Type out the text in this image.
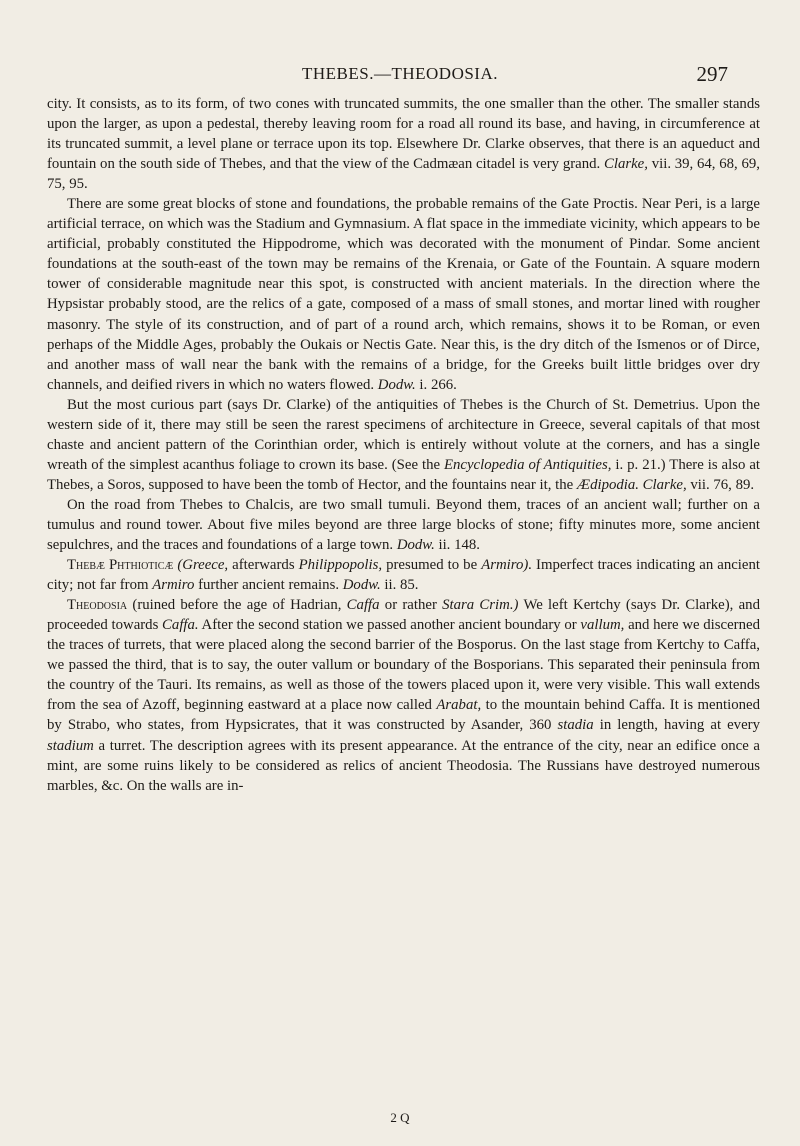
THEBES.—THEODOSIA.	297

city. It consists, as to its form, of two cones with truncated summits, the one smaller than the other. The smaller stands upon the larger, as upon a pedestal, thereby leaving room for a road all round its base, and having, in circumference at its truncated summit, a level plane or terrace upon its top. Elsewhere Dr. Clarke observes, that there is an aqueduct and fountain on the south side of Thebes, and that the view of the Cadmæan citadel is very grand. Clarke, vii. 39, 64, 68, 69, 75, 95.

There are some great blocks of stone and foundations, the probable remains of the Gate Proctis. Near Peri, is a large artificial terrace, on which was the Stadium and Gymnasium. A flat space in the immediate vicinity, which appears to be artificial, probably constituted the Hippodrome, which was decorated with the monument of Pindar. Some ancient foundations at the south-east of the town may be remains of the Krenaia, or Gate of the Fountain. A square modern tower of considerable magnitude near this spot, is constructed with ancient materials. In the direction where the Hypsistar probably stood, are the relics of a gate, composed of a mass of small stones, and mortar lined with rougher masonry. The style of its construction, and of part of a round arch, which remains, shows it to be Roman, or even perhaps of the Middle Ages, probably the Oukais or Nectis Gate. Near this, is the dry ditch of the Ismenos or of Dirce, and another mass of wall near the bank with the remains of a bridge, for the Greeks built little bridges over dry channels, and deified rivers in which no waters flowed. Dodw. i. 266.

But the most curious part (says Dr. Clarke) of the antiquities of Thebes is the Church of St. Demetrius. Upon the western side of it, there may still be seen the rarest specimens of architecture in Greece, several capitals of that most chaste and ancient pattern of the Corinthian order, which is entirely without volute at the corners, and has a single wreath of the simplest acanthus foliage to crown its base. (See the Encyclopedia of Antiquities, i. p. 21.) There is also at Thebes, a Soros, supposed to have been the tomb of Hector, and the fountains near it, the Ædipodia. Clarke, vii. 76, 89.

On the road from Thebes to Chalcis, are two small tumuli. Beyond them, traces of an ancient wall; further on a tumulus and round tower. About five miles beyond are three large blocks of stone; fifty minutes more, some ancient sepulchres, and the traces and foundations of a large town. Dodw. ii. 148.

Thebæ Phthioticæ (Greece, afterwards Philippopolis, presumed to be Armiro). Imperfect traces indicating an ancient city; not far from Armiro further ancient remains. Dodw. ii. 85.

Theodosia (ruined before the age of Hadrian, Caffa or rather Stara Crim.) We left Kertchy (says Dr. Clarke), and proceeded towards Caffa. After the second station we passed another ancient boundary or vallum, and here we discerned the traces of turrets, that were placed along the second barrier of the Bosporus. On the last stage from Kertchy to Caffa, we passed the third, that is to say, the outer vallum or boundary of the Bosporians. This separated their peninsula from the country of the Tauri. Its remains, as well as those of the towers placed upon it, were very visible. This wall extends from the sea of Azoff, beginning eastward at a place now called Arabat, to the mountain behind Caffa. It is mentioned by Strabo, who states, from Hypsicrates, that it was constructed by Asander, 360 stadia in length, having at every stadium a turret. The description agrees with its present appearance. At the entrance of the city, near an edifice once a mint, are some ruins likely to be considered as relics of ancient Theodosia. The Russians have destroyed numerous marbles, &c. On the walls are in-

2 Q
